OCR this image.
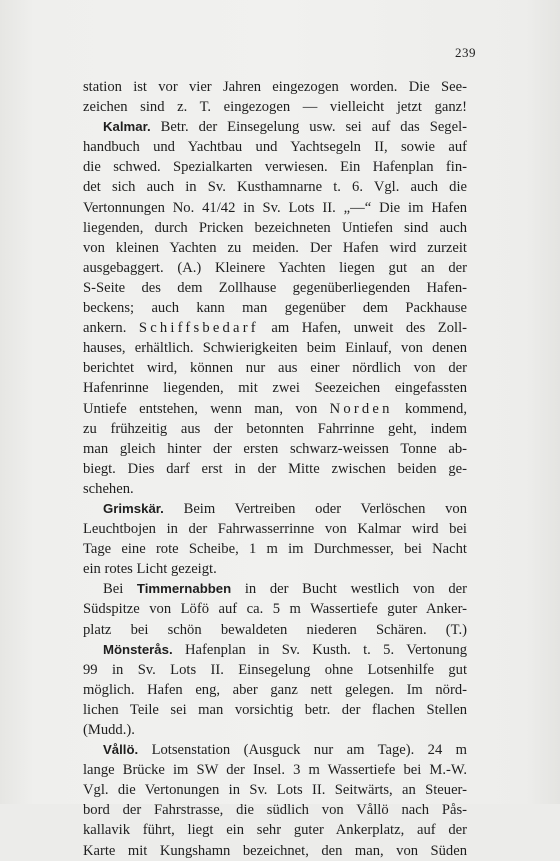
239
station ist vor vier Jahren eingezogen worden. Die See-
zeichen sind z. T. eingezogen — vielleicht jetzt ganz!
Kalmar. Betr. der Einsegelung usw. sei auf das Segel-
handbuch und Yachtbau und Yachtsegeln II, sowie auf
die schwed. Spezialkarten verwiesen. Ein Hafenplan fin-
det sich auch in Sv. Kusthamnarne t. 6. Vgl. auch die
Vertonnungen No. 41/42 in Sv. Lots II. „—“ Die im Hafen
liegenden, durch Pricken bezeichneten Untiefen sind auch
von kleinen Yachten zu meiden. Der Hafen wird zurzeit
ausgebaggert. (A.) Kleinere Yachten liegen gut an der
S-Seite des dem Zollhause gegenüberliegenden Hafen-
beckens; auch kann man gegenüber dem Packhause
ankern. Schiffsbedarf am Hafen, unweit des Zoll-
hauses, erhältlich. Schwierigkeiten beim Einlauf, von denen
berichtet wird, können nur aus einer nördlich von der
Hafenrinne liegenden, mit zwei Seezeichen eingefassten
Untiefe entstehen, wenn man, von Norden kommend,
zu frühzeitig aus der betonnten Fahrrinne geht, indem
man gleich hinter der ersten schwarz-weissen Tonne ab-
biegt. Dies darf erst in der Mitte zwischen beiden ge-
schehen.
Grimskär. Beim Vertreiben oder Verlöschen von
Leuchtbojen in der Fahrwasserrinne von Kalmar wird bei
Tage eine rote Scheibe, 1 m im Durchmesser, bei Nacht
ein rotes Licht gezeigt.
Bei Timmernabben in der Bucht westlich von der
Südspitze von Löfö auf ca. 5 m Wassertiefe guter Anker-
platz bei schön bewaldeten niederen Schären. (T.)
Mönsterås. Hafenplan in Sv. Kusth. t. 5. Vertonung
99 in Sv. Lots II. Einsegelung ohne Lotsenhilfe gut
möglich. Hafen eng, aber ganz nett gelegen. Im nörd-
lichen Teile sei man vorsichtig betr. der flachen Stellen
(Mudd.).
Vållö. Lotsenstation (Ausguck nur am Tage). 24 m
lange Brücke im SW der Insel. 3 m Wassertiefe bei M.-W.
Vgl. die Vertonungen in Sv. Lots II. Seitwärts, an Steuer-
bord der Fahrstrasse, die südlich von Vållö nach Pås-
kallavik führt, liegt ein sehr guter Ankerplatz, auf der
Karte mit Kungshamn bezeichnet, den man, von Süden
